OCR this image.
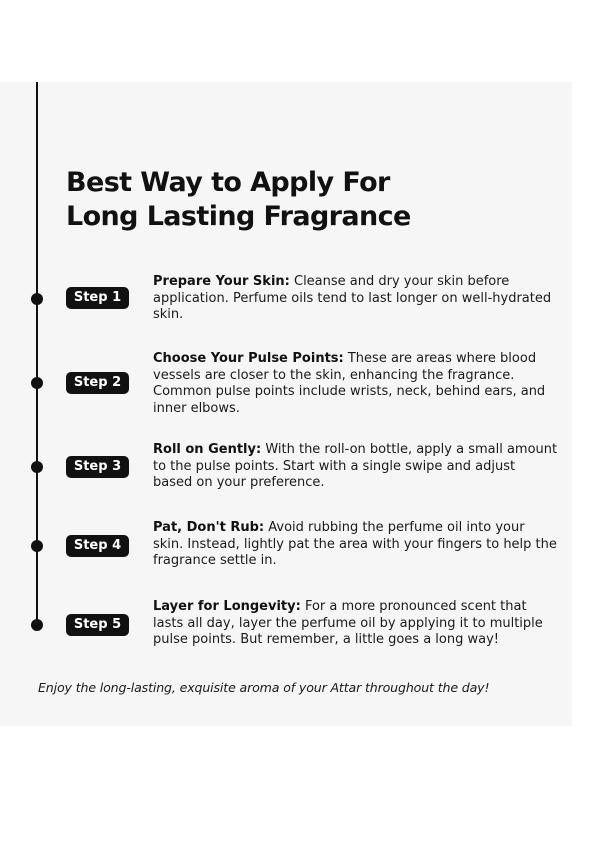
Best Way to Apply For
Long Lasting Fragrance
Step 1

Prepare Your Skin: Cleanse and dry your skin before application. Perfume oils tend to last longer on well-hydrated skin.

Step 2

Choose Your Pulse Points: These are areas where blood vessels are closer to the skin, enhancing the fragrance. Common pulse points include wrists, neck, behind ears, and inner elbows.

Step 3

Roll on Gently: With the roll-on bottle, apply a small amount to the pulse points. Start with a single swipe and adjust based on your preference.

Step 4

Pat, Don't Rub: Avoid rubbing the perfume oil into your skin. Instead, lightly pat the area with your fingers to help the fragrance settle in.

Step 5

Layer for Longevity: For a more pronounced scent that lasts all day, layer the perfume oil by applying it to multiple pulse points. But remember, a little goes a long way!

Enjoy the long-lasting, exquisite aroma of your Attar throughout the day!
